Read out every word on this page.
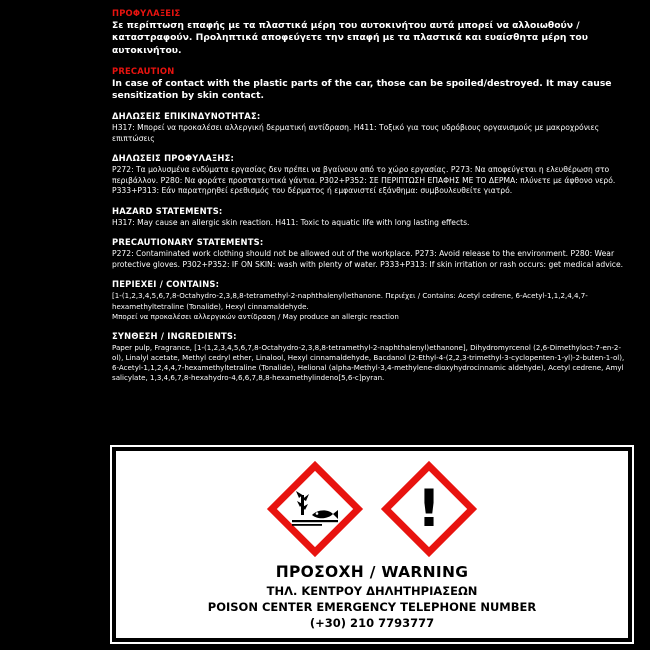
ΠΡΟΦΥΛΑΞΕΙΣ

Σε περίπτωση επαφής με τα πλαστικά μέρη του αυτοκινήτου αυτά μπορεί να αλλοιωθούν / καταστραφούν. Προληπτικά αποφεύγετε την επαφή με τα πλαστικά και ευαίσθητα μέρη του αυτοκινήτου.

PRECAUTION

In case of contact with the plastic parts of the car, those can be spoiled/destroyed. It may cause sensitization by skin contact.

ΔΗΛΩΣΕΙΣ ΕΠΙΚΙΝΔΥΝΟΤΗΤΑΣ:

H317: Μπορεί να προκαλέσει αλλεργική δερματική αντίδραση. H411: Τοξικό για τους υδρόβιους οργανισμούς με μακροχρόνιες επιπτώσεις

ΔΗΛΩΣΕΙΣ ΠΡΟΦΥΛΑΞΗΣ:

P272: Τα μολυσμένα ενδύματα εργασίας δεν πρέπει να βγαίνουν από το χώρο εργασίας. P273: Να αποφεύγεται η ελευθέρωση στο περιβάλλον. P280: Να φοράτε προστατευτικά γάντια. P302+P352: ΣΕ ΠΕΡΙΠΤΩΣΗ ΕΠΑΦΗΣ ΜΕ ΤΟ ΔΕΡΜΑ: πλύνετε με άφθονο νερό. P333+P313: Εάν παρατηρηθεί ερεθισμός του δέρματος ή εμφανιστεί εξάνθημα: συμβουλευθείτε γιατρό.

HAZARD STATEMENTS:

H317: May cause an allergic skin reaction. H411: Toxic to aquatic life with long lasting effects.

PRECAUTIONARY STATEMENTS:

P272: Contaminated work clothing should not be allowed out of the workplace. P273: Avoid release to the environment. P280: Wear protective gloves. P302+P352: IF ON SKIN: wash with plenty of water. P333+P313: If skin irritation or rash occurs: get medical advice.

ΠΕΡΙΕΧΕΙ / CONTAINS:

[1-(1,2,3,4,5,6,7,8-Octahydro-2,3,8,8-tetramethyl-2-naphthalenyl)ethanone. Περιέχει / Contains: Acetyl cedrene, 6-Acetyl-1,1,2,4,4,7-hexamethyltetraline (Tonalide), Hexyl cinnamaldehyde.

Μπορεί να προκαλέσει αλλεργικών αντίδραση / May produce an allergic reaction

ΣΥΝΘΕΣΗ / INGREDIENTS:

Paper pulp, Fragrance, [1-(1,2,3,4,5,6,7,8-Octahydro-2,3,8,8-tetramethyl-2-naphthalenyl)ethanone], Dihydromyrcenol (2,6-Dimethyloct-7-en-2-ol), Linalyl acetate, Methyl cedryl ether, Linalool, Hexyl cinnamaldehyde, Bacdanol (2-Ethyl-4-(2,2,3-trimethyl-3-cyclopenten-1-yl)-2-buten-1-ol), 6-Acetyl-1,1,2,4,4,7-hexamethyltetraline (Tonalide), Helional (alpha-Methyl-3,4-methylene-dioxyhydrocinnamic aldehyde), Acetyl cedrene, Amyl salicylate, 1,3,4,6,7,8-hexahydro-4,6,6,7,8,8-hexamethylindeno[5,6-c]pyran.

!

ΠΡΟΣΟΧΗ / WARNING

ΤΗΛ. ΚΕΝΤΡΟΥ ΔΗΛΗΤΗΡΙΑΣΕΩΝ

POISON CENTER EMERGENCY TELEPHONE NUMBER

(+30) 210 7793777
